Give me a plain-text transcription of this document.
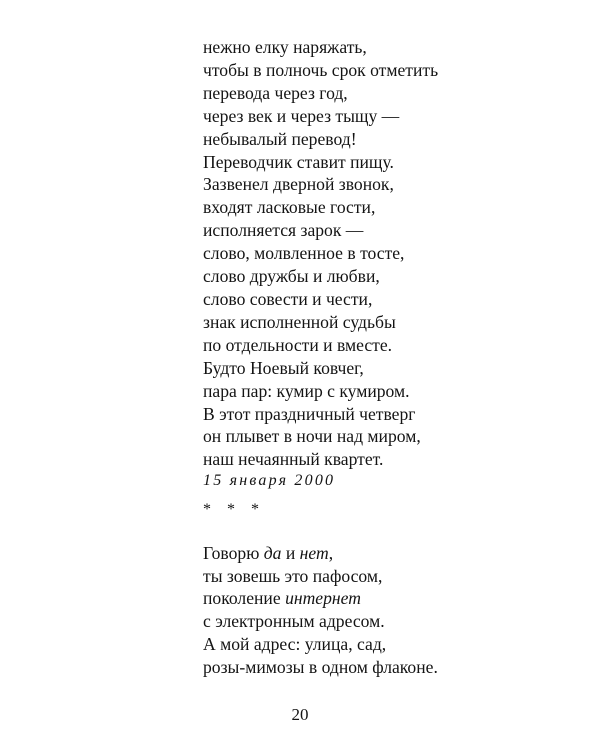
нежно елку наряжать,
чтобы в полночь срок отметить
перевода через год,
через век и через тыщу —
небывалый перевод!
Переводчик ставит пищу.
Зазвенел дверной звонок,
входят ласковые гости,
исполняется зарок —
слово, молвленное в тосте,
слово дружбы и любви,
слово совести и чести,
знак исполненной судьбы
по отдельности и вместе.
Будто Ноевый ковчег,
пара пар: кумир с кумиром.
В этот праздничный четверг
он плывет в ночи над миром,
наш нечаянный квартет.
15 января 2000
* * *
Говорю да и нет,
ты зовешь это пафосом,
поколение интернет
с электронным адресом.
А мой адрес: улица, сад,
розы-мимозы в одном флаконе.
20
